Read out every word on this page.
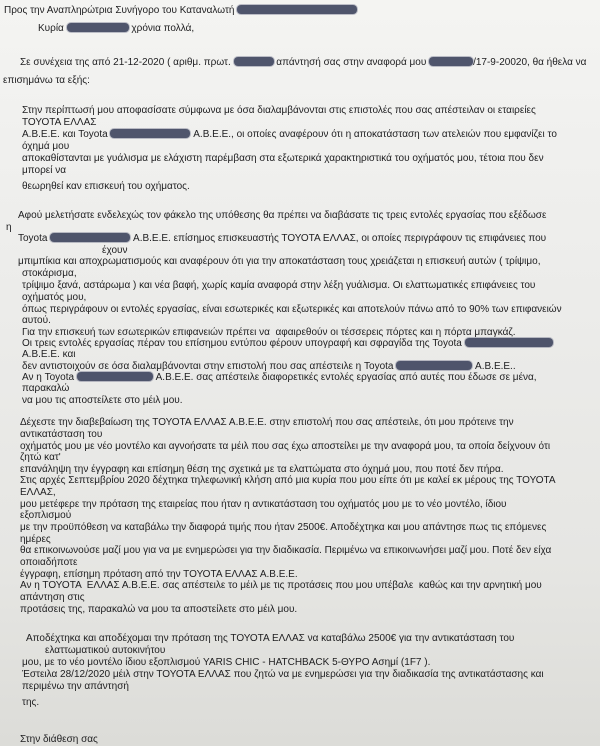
Προς την Αναπληρώτρια Συνήγορο του Καταναλωτή
Κυρία	χρόνια πολλά,
Σε συνέχεια της από 21-12-2020 ( αριθμ. πρωτ.	απάντησή σας στην αναφορά μου	/17-9-20020, θα ήθελα να
επισημάνω τα εξής:
Στην περίπτωσή μου αποφασίσατε σύμφωνα με όσα διαλαμβάνονται στις επιστολές που σας απέστειλαν οι εταιρείες
ΤΟΥΟΤΑ ΕΛΛΑΣ
Α.Β.Ε.Ε. και Toyota	Α.Β.Ε.Ε., οι οποίες αναφέρουν ότι η αποκατάσταση των ατελειών που εμφανίζει το
όχημά μου
αποκαθίστανται με γυάλισμα με ελάχιστη παρέμβαση στα εξωτερικά χαρακτηριστικά του οχήματός μου, τέτοια που δεν
μπορεί να
θεωρηθεί καν επισκευή του οχήματος.
Αφού μελετήσατε ενδελεχώς τον φάκελο της υπόθεσης θα πρέπει να διαβάσατε τις τρεις εντολές εργασίας που εξέδωσε
η
Toyota	Α.Β.Ε.Ε. επίσημος επισκευαστής ΤΟΥΟΤΑ ΕΛΛΑΣ, οι οποίες περιγράφουν τις επιφάνειες που
έχουν
μπιμπίκια και αποχρωματισμούς και αναφέρουν ότι για την αποκατάσταση τους χρειάζεται η επισκευή αυτών ( τρίψιμο,
στοκάρισμα,
τρίψιμο ξανά, αστάρωμα ) και νέα βαφή, χωρίς καμία αναφορά στην λέξη γυάλισμα. Οι ελαττωματικές επιφάνειες του
οχήματός μου,
όπως περιγράφουν οι εντολές εργασίας, είναι εσωτερικές και εξωτερικές και αποτελούν πάνω από το 90% των επιφανειών
αυτού.
Για την επισκευή των εσωτερικών επιφανειών πρέπει να  αφαιρεθούν οι τέσσερεις πόρτες και η πόρτα μπαγκάζ.
Οι τρεις εντολές εργασίας πέραν του επίσημου εντύπου φέρουν υπογραφή και σφραγίδα της Toyota
Α.Β.Ε.Ε. και
δεν αντιστοιχούν σε όσα διαλαμβάνονται στην επιστολή που σας απέστειλε η Toyota	Α.Β.Ε.Ε..
Αν η Toyota	Α.Β.Ε.Ε. σας απέστειλε διαφορετικές εντολές εργασίας από αυτές που έδωσε σε μένα,
παρακαλώ
να μου τις αποστείλετε στο μέιλ μου.
Δέχεστε την διαβεβαίωση της ΤΟΥΟΤΑ ΕΛΛΑΣ Α.Β.Ε.Ε. στην επιστολή που σας απέστειλε, ότι μου πρότεινε την
αντικατάσταση του
οχήματός μου με νέο μοντέλο και αγνοήσατε τα μέιλ που σας έχω αποστείλει με την αναφορά μου, τα οποία δείχνουν ότι
ζητώ κατ'
επανάληψη την έγγραφη και επίσημη θέση της σχετικά με τα ελαττώματα στο όχημά μου, που ποτέ δεν πήρα.
Στις αρχές Σεπτεμβρίου 2020 δέχτηκα τηλεφωνική κλήση από μια κυρία που μου είπε ότι με καλεί εκ μέρους της ΤΟΥΟΤΑ
ΕΛΛΑΣ,
μου μετέφερε την πρόταση της εταιρείας που ήταν η αντικατάσταση του οχήματός μου με το νέο μοντέλο, ίδιου
εξοπλισμού
με την προϋπόθεση να καταβάλω την διαφορά τιμής που ήταν 2500€. Αποδέχτηκα και μου απάντησε πως τις επόμενες
ημέρες
θα επικοινωνούσε μαζί μου για να με ενημερώσει για την διαδικασία. Περιμένω να επικοινωνήσει μαζί μου. Ποτέ δεν είχα
οποιαδήποτε
έγγραφη, επίσημη πρόταση από την ΤΟΥΟΤΑ ΕΛΛΑΣ Α.Β.Ε.Ε.
Αν η ΤΟΥΟΤΑ  ΕΛΛΑΣ Α.Β.Ε.Ε. σας απέστειλε το μέιλ με τις προτάσεις που μου υπέβαλε  καθώς και την αρνητική μου
απάντηση στις
προτάσεις της, παρακαλώ να μου τα αποστείλετε στο μέιλ μου.
Αποδέχτηκα και αποδέχομαι την πρόταση της ΤΟΥΟΤΑ ΕΛΛΑΣ να καταβάλω 2500€ για την αντικατάσταση του
ελαττωματικού αυτοκινήτου
μου, με το νέο μοντέλο ίδιου εξοπλισμού YARIS CHIC - HATCHBACK 5-ΘΥΡΟ Ασημί (1F7 ).
Έστειλα 28/12/2020 μέιλ στην ΤΟΥΟΤΑ ΕΛΛΑΣ που ζητώ να με ενημερώσει για την διαδικασία της αντικατάστασης και
περιμένω την απάντησή
της.
Στην διάθεση σας
